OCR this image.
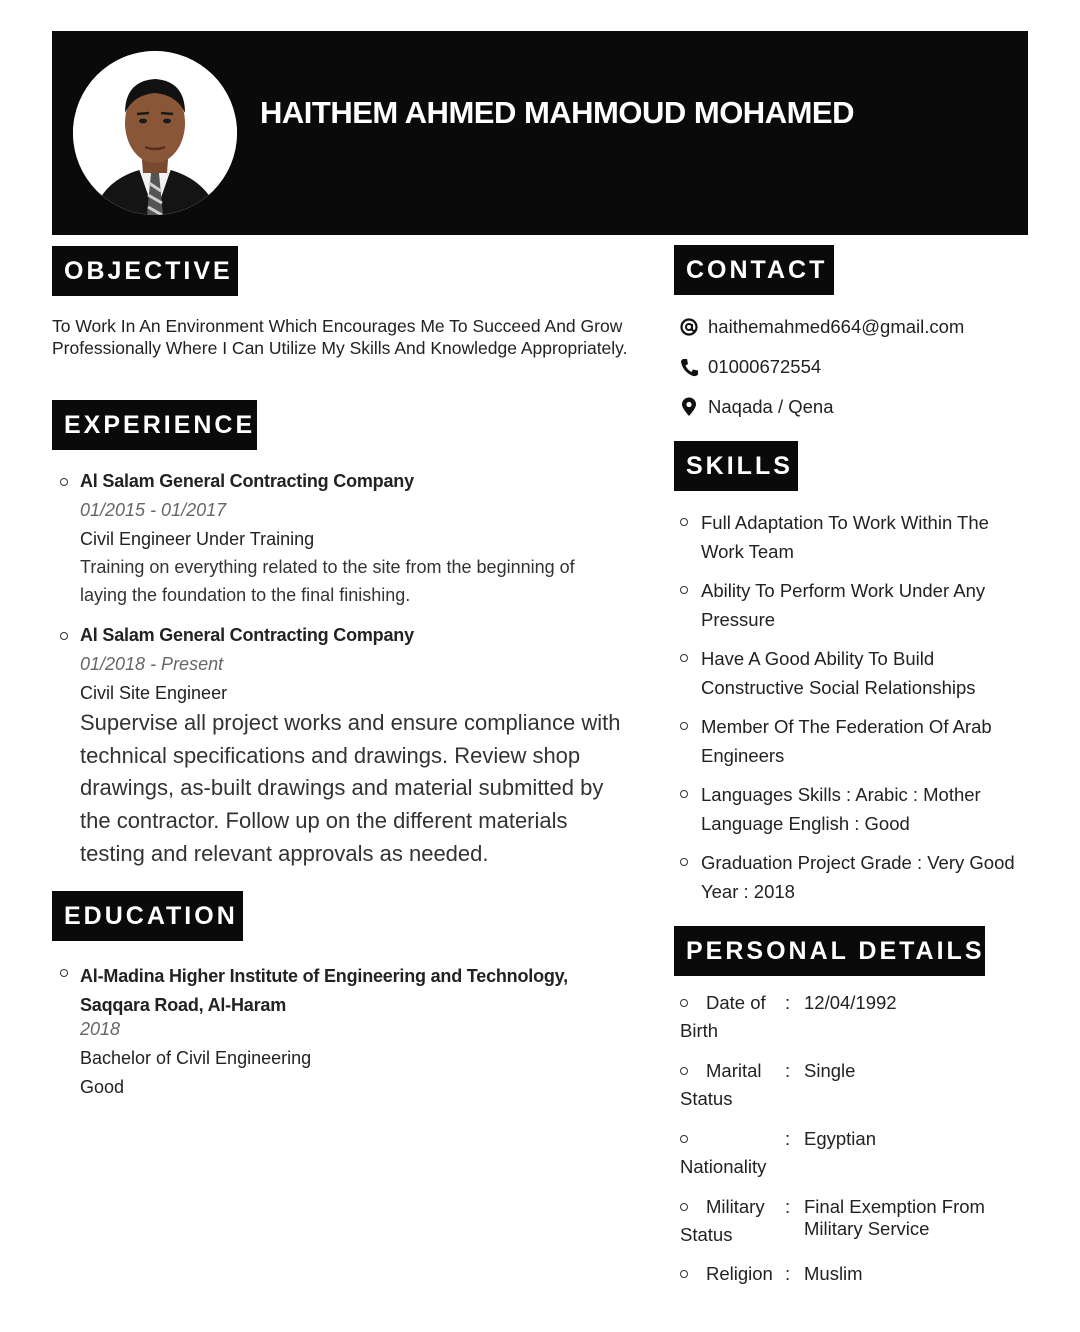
HAITHEM AHMED MAHMOUD MOHAMED
OBJECTIVE
To Work In An Environment Which Encourages Me To Succeed And Grow Professionally Where I Can Utilize My Skills And Knowledge Appropriately.
EXPERIENCE
Al Salam General Contracting Company
01/2015 - 01/2017
Civil Engineer Under Training
Training on everything related to the site from the beginning of laying the foundation to the final finishing.
Al Salam General Contracting Company
01/2018 - Present
Civil Site Engineer
Supervise all project works and ensure compliance with technical specifications and drawings. Review shop drawings, as-built drawings and material submitted by the contractor. Follow up on the different materials testing and relevant approvals as needed.
EDUCATION
Al-Madina Higher Institute of Engineering and Technology, Saqqara Road, Al-Haram
2018
Bachelor of Civil Engineering
Good
CONTACT
haithemahmed664@gmail.com
01000672554
Naqada / Qena
SKILLS
Full Adaptation To Work Within The Work Team
Ability To Perform Work Under Any Pressure
Have A Good Ability To Build Constructive Social Relationships
Member Of The Federation Of Arab Engineers
Languages Skills : Arabic : Mother Language English : Good
Graduation Project Grade : Very Good Year : 2018
PERSONAL DETAILS
Date of
Birth
: 12/04/1992
Marital
Status
: Single
Nationality
: Egyptian
Military
Status
: Final Exemption From Military Service
Religion : Muslim
